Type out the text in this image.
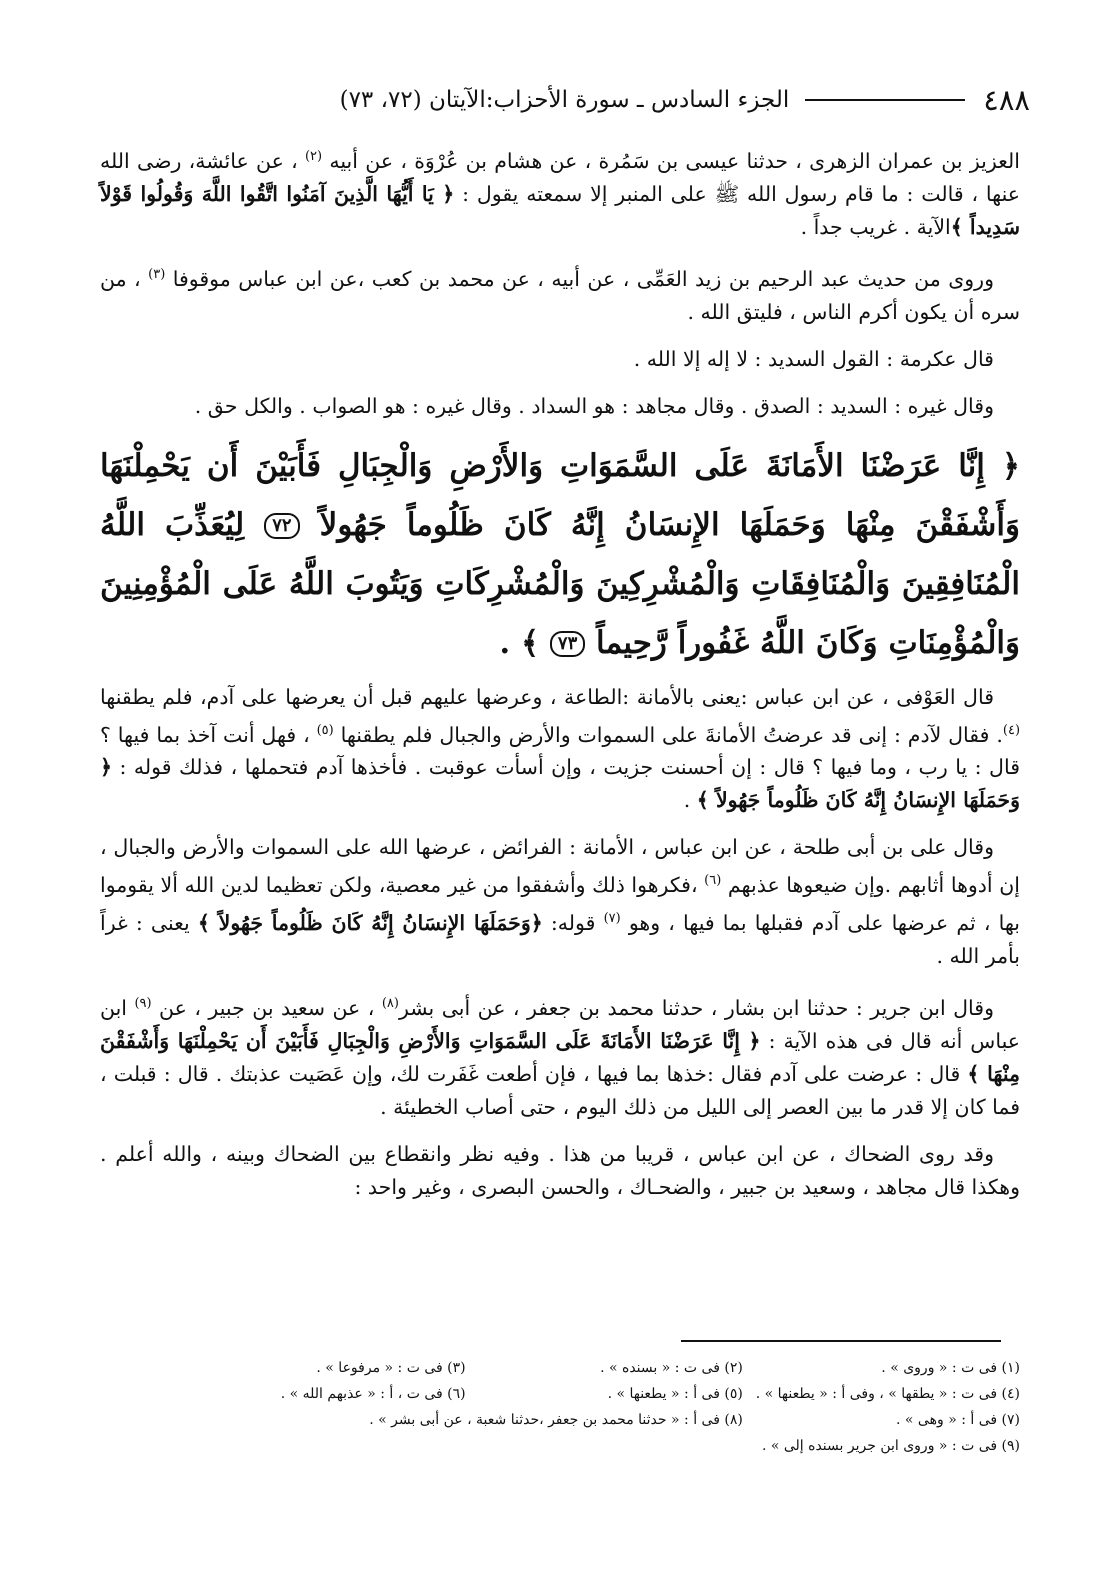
٤٨٨
الجزء السادس ـ سورة الأحزاب:الآيتان (٧٢، ٧٣)

العزيز بن عمران الزهرى ، حدثنا عيسى بن سَمُرة ، عن هشام بن عُرْوَة ، عن أبيه $^{(٢)}$ ، عن عائشة، رضى الله عنها ، قالت : ما قام رسول الله ﷺ على المنبر إلا سمعته يقول : ﴿ يَا أَيُّهَا الَّذِينَ آمَنُوا اتَّقُوا اللَّهَ وَقُولُوا قَوْلاً سَدِيداً ﴾الآية . غريب جداً .

وروى من حديث عبد الرحيم بن زيد العَمِّى ، عن أبيه ، عن محمد بن كعب ،عن ابن عباس موقوفا $^{(٣)}$ ، من سره أن يكون أكرم الناس ، فليتق الله .

قال عكرمة : القول السديد : لا إله إلا الله .

وقال غيره : السديد : الصدق . وقال مجاهد : هو السداد . وقال غيره : هو الصواب . والكل حق .

﴿ إِنَّا عَرَضْنَا الأَمَانَةَ عَلَى السَّمَوَاتِ وَالأَرْضِ وَالْجِبَالِ فَأَبَيْنَ أَن يَحْمِلْنَهَا وَأَشْفَقْنَ مِنْهَا وَحَمَلَهَا الإِنسَانُ إِنَّهُ كَانَ ظَلُوماً جَهُولاً ٧٢ لِيُعَذِّبَ اللَّهُ الْمُنَافِقِينَ وَالْمُنَافِقَاتِ وَالْمُشْرِكِينَ وَالْمُشْرِكَاتِ وَيَتُوبَ اللَّهُ عَلَى الْمُؤْمِنِينَ وَالْمُؤْمِنَاتِ وَكَانَ اللَّهُ غَفُوراً رَّحِيماً ٧٣ ﴾ .

قال العَوْفى ، عن ابن عباس :يعنى بالأمانة :الطاعة ، وعرضها عليهم قبل أن يعرضها على آدم، فلم يطقنها $^{(٤)}$. فقال لآدم : إنى قد عرضتُ الأمانةَ على السموات والأرض والجبال فلم يطقنها $^{(٥)}$ ، فهل أنت آخذ بما فيها ؟ قال : يا رب ، وما فيها ؟ قال : إن أحسنت جزيت ، وإن أسأت عوقبت . فأخذها آدم فتحملها ، فذلك قوله : ﴿ وَحَمَلَهَا الإِنسَانُ إِنَّهُ كَانَ ظَلُوماً جَهُولاً ﴾ .

وقال على بن أبى طلحة ، عن ابن عباس ، الأمانة : الفرائض ، عرضها الله على السموات والأرض والجبال ، إن أدوها أثابهم .وإن ضيعوها عذبهم $^{(٦)}$ ،فكرهوا ذلك وأشفقوا من غير معصية، ولكن تعظيما لدين الله ألا يقوموا بها ، ثم عرضها على آدم فقبلها بما فيها ، وهو $^{(٧)}$ قوله: ﴿وَحَمَلَهَا الإِنسَانُ إِنَّهُ كَانَ ظَلُوماً جَهُولاً ﴾ يعنى : غراً بأمر الله .

وقال ابن جرير : حدثنا ابن بشار ، حدثنا محمد بن جعفر ، عن أبى بشر$^{(٨)}$ ، عن سعيد بن جبير ، عن $^{(٩)}$ ابن عباس أنه قال فى هذه الآية : ﴿ إِنَّا عَرَضْنَا الأَمَانَةَ عَلَى السَّمَوَاتِ وَالأَرْضِ وَالْجِبَالِ فَأَبَيْنَ أَن يَحْمِلْنَهَا وَأَشْفَقْنَ مِنْهَا ﴾ قال : عرضت على آدم فقال :خذها بما فيها ، فإن أطعت غَفَرت لك، وإن عَصَيت عذبتك . قال : قبلت ، فما كان إلا قدر ما بين العصر إلى الليل من ذلك اليوم ، حتى أصاب الخطيئة .

وقد روى الضحاك ، عن ابن عباس ، قريبا من هذا . وفيه نظر وانقطاع بين الضحاك وبينه ، والله أعلم . وهكذا قال مجاهد ، وسعيد بن جبير ، والضحـاك ، والحسن البصرى ، وغير واحد :

(١) فى ت : « وروى » .
(٢) فى ت : « بسنده » .
(٣) فى ت : « مرفوعا » .
(٤) فى ت : « يطقها » ، وفى أ : « يطعنها » .
(٥) فى أ : « يطعنها » .
(٦) فى ت ، أ : « عذبهم الله » .
(٧) فى أ : « وهى » .
(٨) فى أ : « حدثنا محمد بن جعفر ،حدثنا شعبة ، عن أبى بشر » .
(٩) فى ت : « وروى ابن جرير بسنده إلى » .
